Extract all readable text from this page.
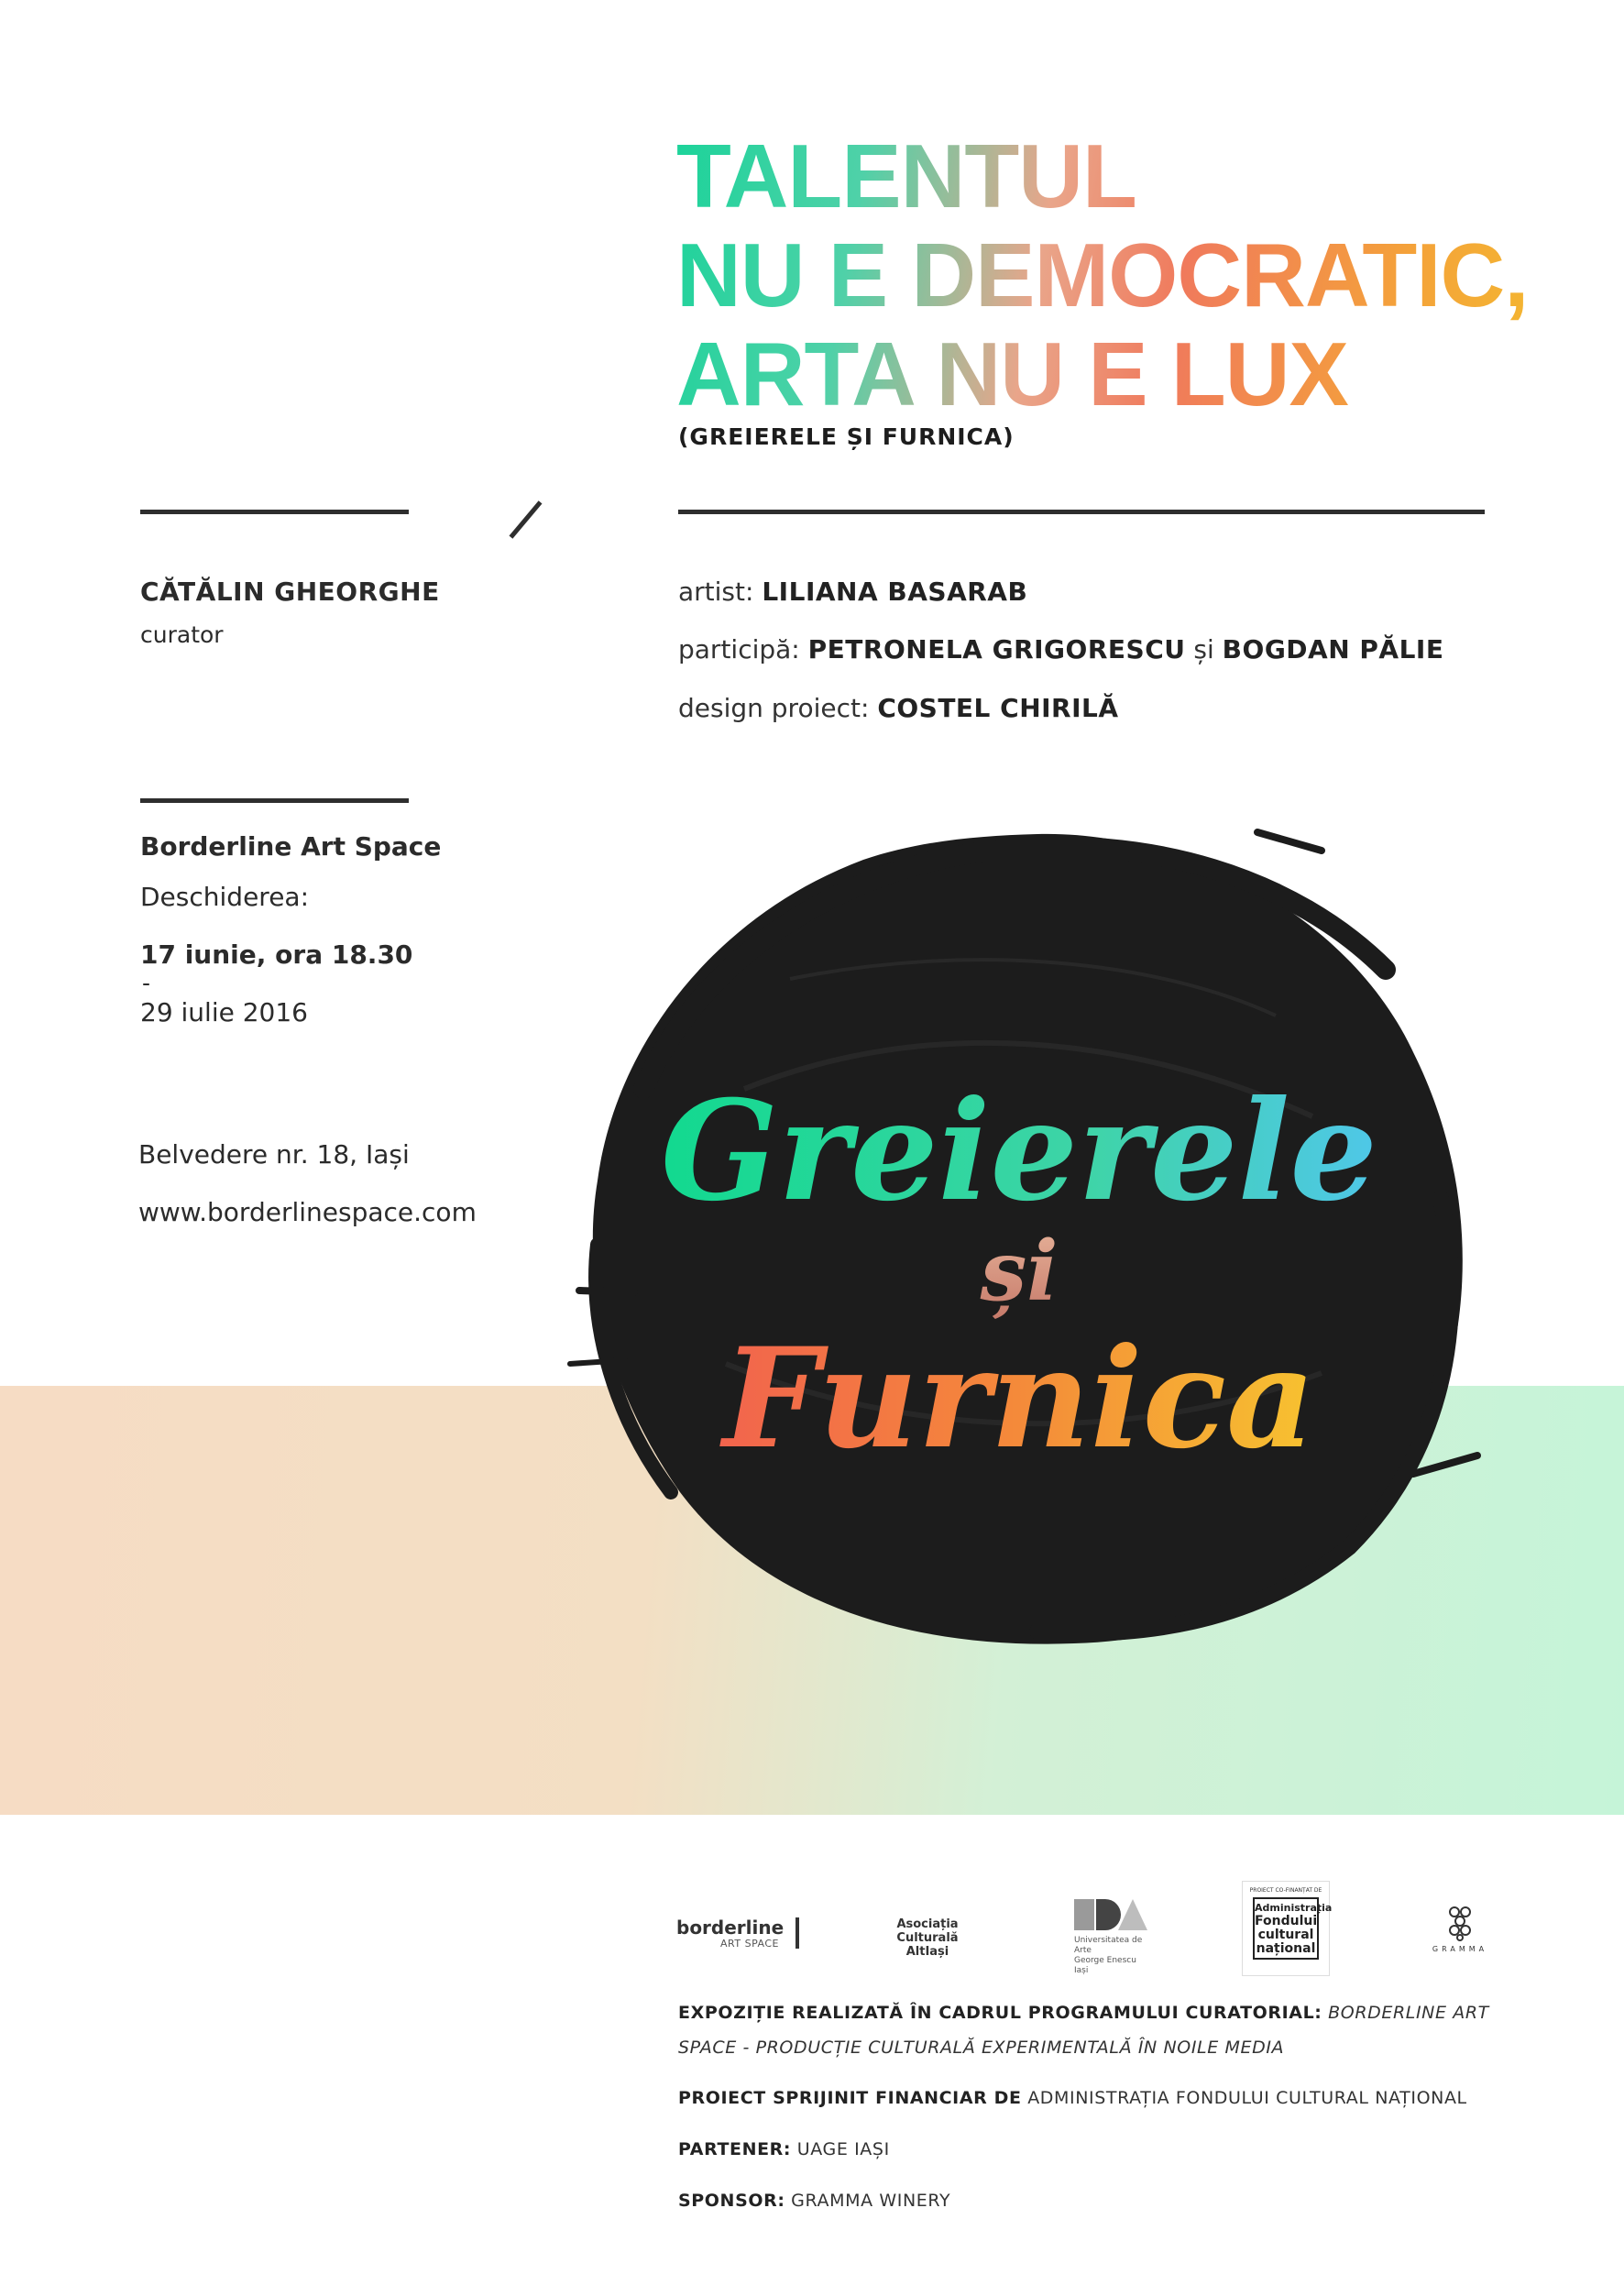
TALENTUL
NU E DEMOCRATIC,
ARTA NU E LUX
(GREIERELE ȘI FURNICA)
CĂTĂLIN GHEORGHE
curator
artist: LILIANA BASARAB
participă: PETRONELA GRIGORESCU și BOGDAN PĂLIE
design proiect: COSTEL CHIRILĂ
Borderline Art Space
Deschiderea:
17 iunie, ora 18.30
-
29 iulie 2016
Belvedere nr. 18, Iași
www.borderlinespace.com Greierele
și
Furnica
borderline
ART SPACE
Asociația Culturală
AltIași
Universitatea de Arte
George Enescu
Iași
PROIECT CO-FINANȚAT DE
Administrația
Fondului
cultural
național	GRAMMA
EXPOZIȚIE REALIZATĂ ÎN CADRUL PROGRAMULUI CURATORIAL: BORDERLINE ART SPACE - PRODUCȚIE CULTURALĂ EXPERIMENTALĂ ÎN NOILE MEDIA
PROIECT SPRIJINIT FINANCIAR DE ADMINISTRAȚIA FONDULUI CULTURAL NAȚIONAL
PARTENER: UAGE IAȘI
SPONSOR: GRAMMA WINERY
